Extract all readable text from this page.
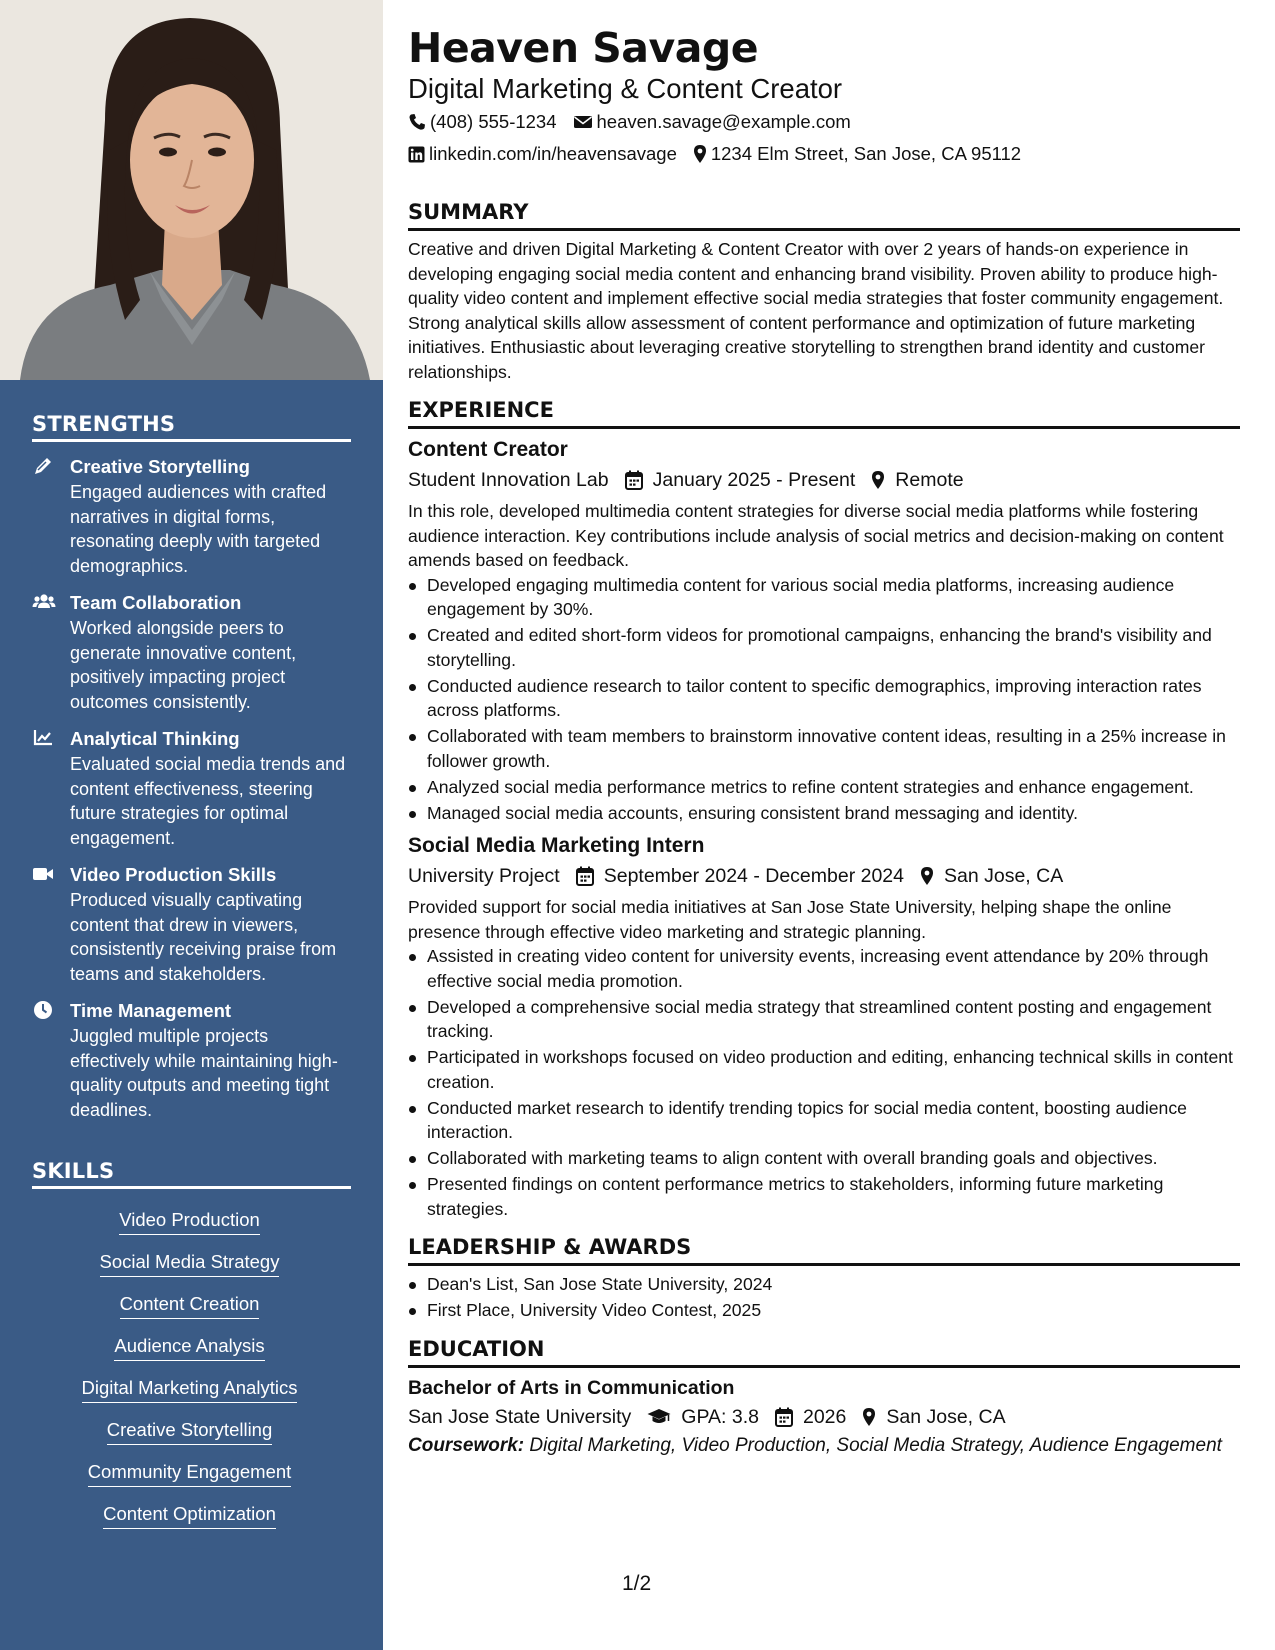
STRENGTHS
Creative Storytelling
Engaged audiences with crafted narratives in digital forms, resonating deeply with targeted demographics.
Team Collaboration
Worked alongside peers to generate innovative content, positively impacting project outcomes consistently.
Analytical Thinking
Evaluated social media trends and content effectiveness, steering future strategies for optimal engagement.
Video Production Skills
Produced visually captivating content that drew in viewers, consistently receiving praise from teams and stakeholders.
Time Management
Juggled multiple projects effectively while maintaining high-quality outputs and meeting tight deadlines.
SKILLS
Video Production
Social Media Strategy
Content Creation
Audience Analysis
Digital Marketing Analytics
Creative Storytelling
Community Engagement
Content Optimization
Heaven Savage
Digital Marketing & Content Creator
(408) 555-1234 heaven.savage@example.com
linkedin.com/in/heavensavage 1234 Elm Street, San Jose, CA 95112
SUMMARY
Creative and driven Digital Marketing & Content Creator with over 2 years of hands-on experience in developing engaging social media content and enhancing brand visibility. Proven ability to produce high-quality video content and implement effective social media strategies that foster community engagement. Strong analytical skills allow assessment of content performance and optimization of future marketing initiatives. Enthusiastic about leveraging creative storytelling to strengthen brand identity and customer relationships.
EXPERIENCE
Content Creator
Student Innovation Lab January 2025 - Present Remote
In this role, developed multimedia content strategies for diverse social media platforms while fostering audience interaction. Key contributions include analysis of social metrics and decision-making on content amends based on feedback.
Developed engaging multimedia content for various social media platforms, increasing audience engagement by 30%.
Created and edited short-form videos for promotional campaigns, enhancing the brand's visibility and storytelling.
Conducted audience research to tailor content to specific demographics, improving interaction rates across platforms.
Collaborated with team members to brainstorm innovative content ideas, resulting in a 25% increase in follower growth.
Analyzed social media performance metrics to refine content strategies and enhance engagement.
Managed social media accounts, ensuring consistent brand messaging and identity.
Social Media Marketing Intern
University Project September 2024 - December 2024 San Jose, CA
Provided support for social media initiatives at San Jose State University, helping shape the online presence through effective video marketing and strategic planning.
Assisted in creating video content for university events, increasing event attendance by 20% through effective social media promotion.
Developed a comprehensive social media strategy that streamlined content posting and engagement tracking.
Participated in workshops focused on video production and editing, enhancing technical skills in content creation.
Conducted market research to identify trending topics for social media content, boosting audience interaction.
Collaborated with marketing teams to align content with overall branding goals and objectives.
Presented findings on content performance metrics to stakeholders, informing future marketing strategies.
LEADERSHIP & AWARDS
Dean's List, San Jose State University, 2024
First Place, University Video Contest, 2025
EDUCATION
Bachelor of Arts in Communication
San Jose State University	GPA: 3.8 2026 San Jose, CA
Coursework: Digital Marketing, Video Production, Social Media Strategy, Audience Engagement
1/2
